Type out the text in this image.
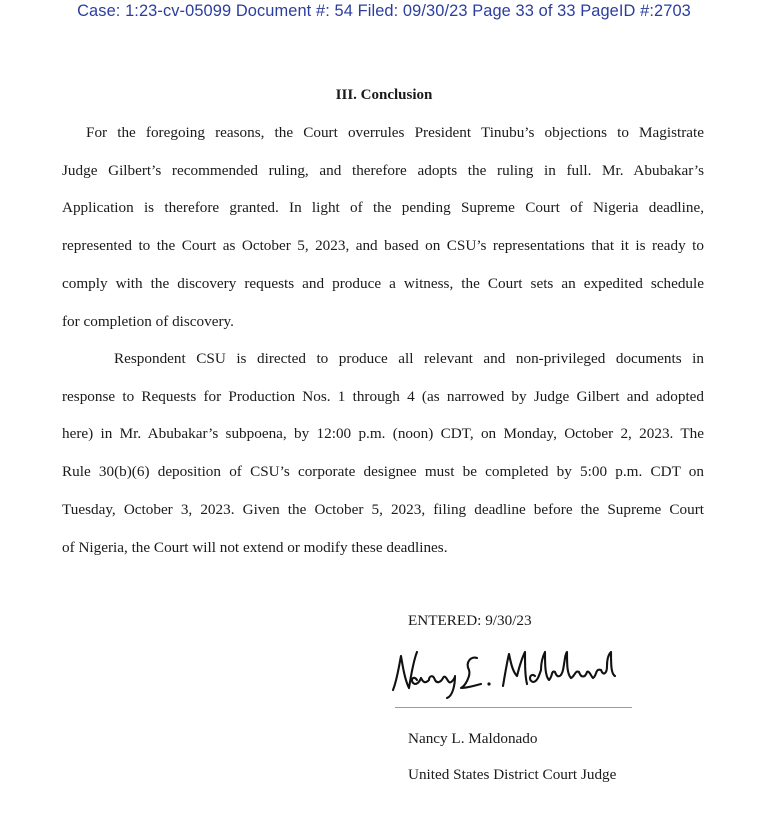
Case: 1:23-cv-05099 Document #: 54 Filed: 09/30/23 Page 33 of 33 PageID #:2703
III. Conclusion
For the foregoing reasons, the Court overrules President Tinubu’s objections to Magistrate
Judge Gilbert’s recommended ruling, and therefore adopts the ruling in full. Mr. Abubakar’s
Application is therefore granted. In light of the pending Supreme Court of Nigeria deadline,
represented to the Court as October 5, 2023, and based on CSU’s representations that it is ready to
comply with the discovery requests and produce a witness, the Court sets an expedited schedule
for completion of discovery.
Respondent CSU is directed to produce all relevant and non-privileged documents in
response to Requests for Production Nos. 1 through 4 (as narrowed by Judge Gilbert and adopted
here) in Mr. Abubakar’s subpoena, by 12:00 p.m. (noon) CDT, on Monday, October 2, 2023. The
Rule 30(b)(6) deposition of CSU’s corporate designee must be completed by 5:00 p.m. CDT on
Tuesday, October 3, 2023. Given the October 5, 2023, filing deadline before the Supreme Court
of Nigeria, the Court will not extend or modify these deadlines.
ENTERED: 9/30/23
Nancy L. Maldonado
United States District Court Judge
